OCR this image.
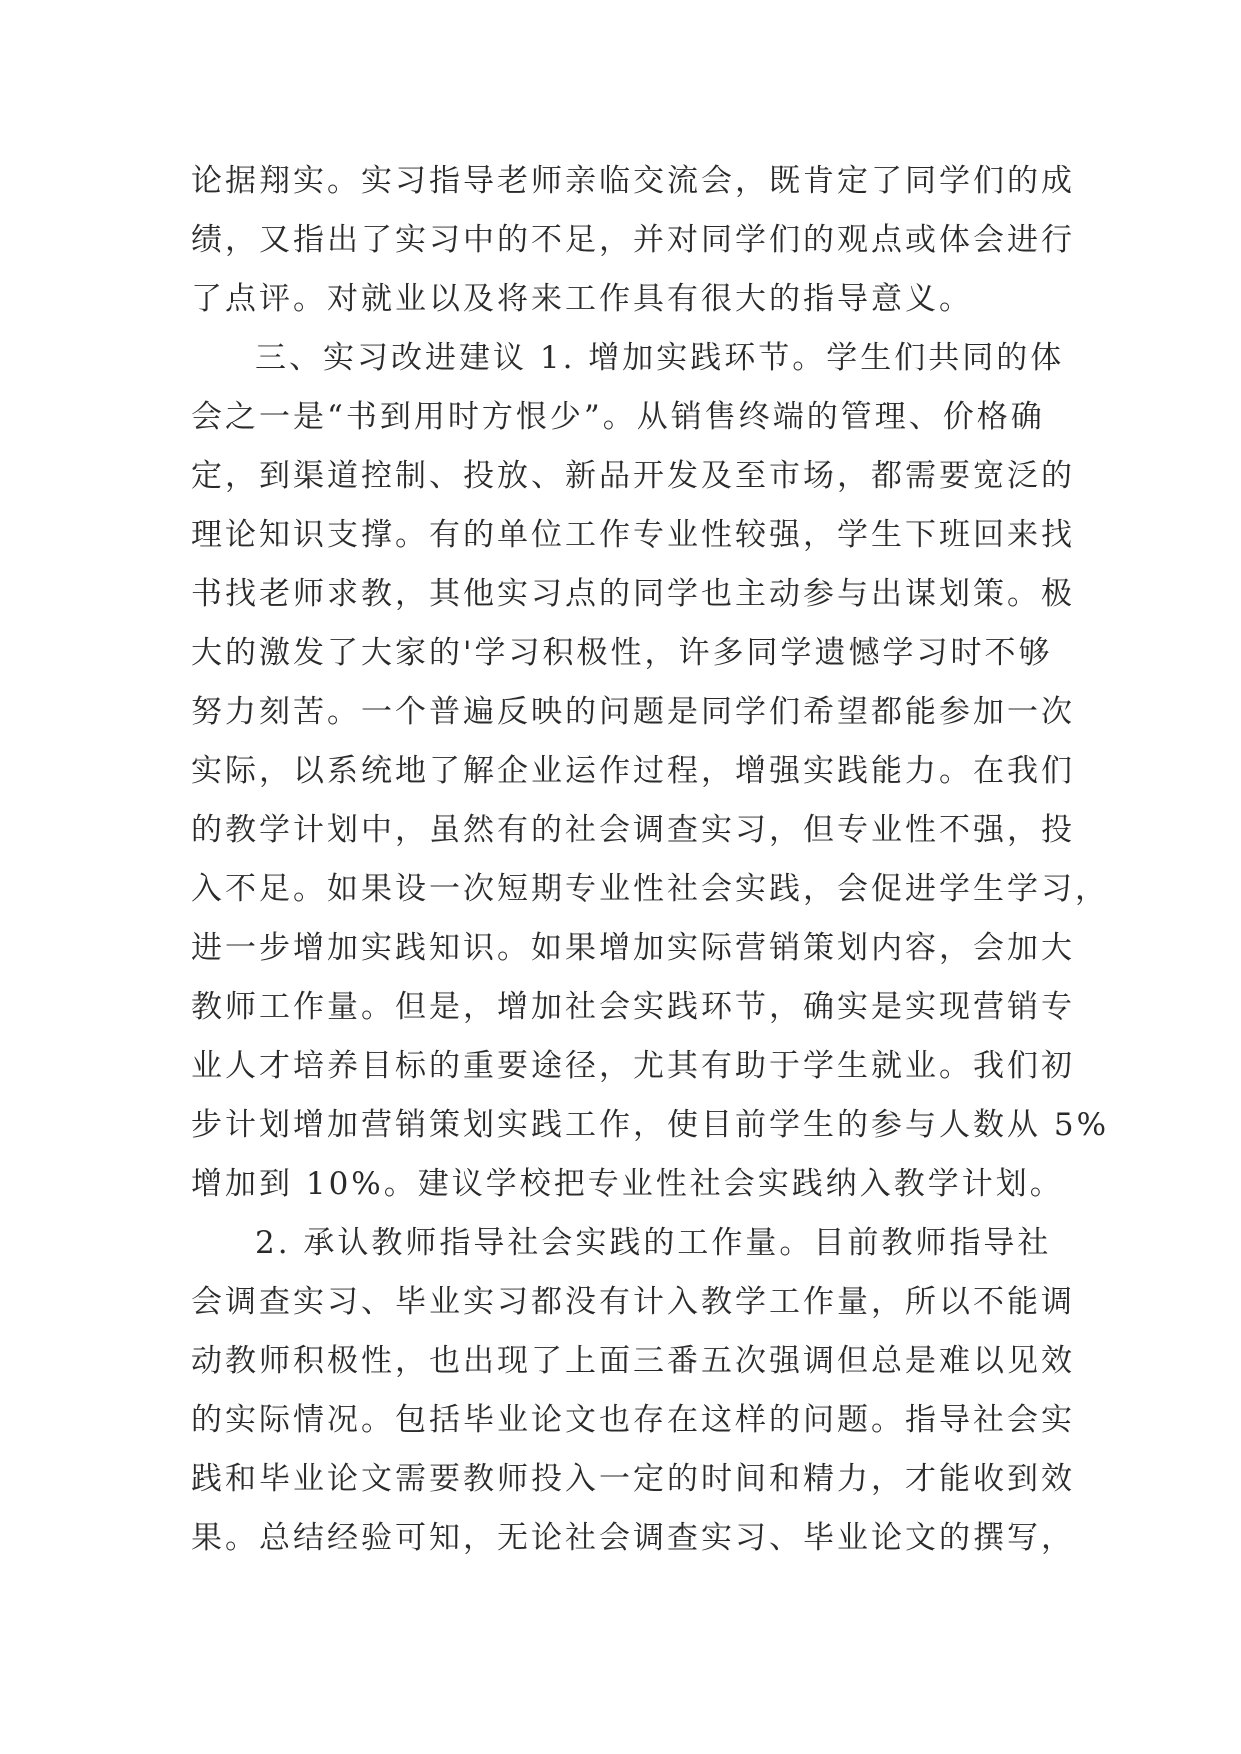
论据翔实。实习指导老师亲临交流会，既肯定了同学们的成
绩，又指出了实习中的不足，并对同学们的观点或体会进行
了点评。对就业以及将来工作具有很大的指导意义。
三、实习改进建议 1. 增加实践环节。学生们共同的体
会之一是“书到用时方恨少”。从销售终端的管理、价格确
定，到渠道控制、投放、新品开发及至市场，都需要宽泛的
理论知识支撑。有的单位工作专业性较强，学生下班回来找
书找老师求教，其他实习点的同学也主动参与出谋划策。极
大的激发了大家的'学习积极性，许多同学遗憾学习时不够
努力刻苦。一个普遍反映的问题是同学们希望都能参加一次
实际，以系统地了解企业运作过程，增强实践能力。在我们
的教学计划中，虽然有的社会调查实习，但专业性不强，投
入不足。如果设一次短期专业性社会实践，会促进学生学习，
进一步增加实践知识。如果增加实际营销策划内容，会加大
教师工作量。但是，增加社会实践环节，确实是实现营销专
业人才培养目标的重要途径，尤其有助于学生就业。我们初
步计划增加营销策划实践工作，使目前学生的参与人数从 5%
增加到 10%。建议学校把专业性社会实践纳入教学计划。
2. 承认教师指导社会实践的工作量。目前教师指导社
会调查实习、毕业实习都没有计入教学工作量，所以不能调
动教师积极性，也出现了上面三番五次强调但总是难以见效
的实际情况。包括毕业论文也存在这样的问题。指导社会实
践和毕业论文需要教师投入一定的时间和精力，才能收到效
果。总结经验可知，无论社会调查实习、毕业论文的撰写，
